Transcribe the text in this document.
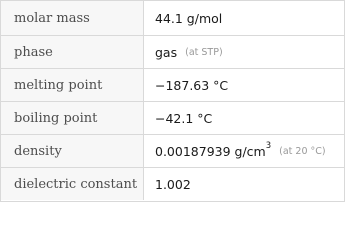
molar mass	44.1 g/mol
phase	gas (at STP)
melting point	−187.63 °C
boiling point	−42.1 °C
density	0.00187939 $g/cm^3$ (at 20 °C)
dielectric constant	1.002
